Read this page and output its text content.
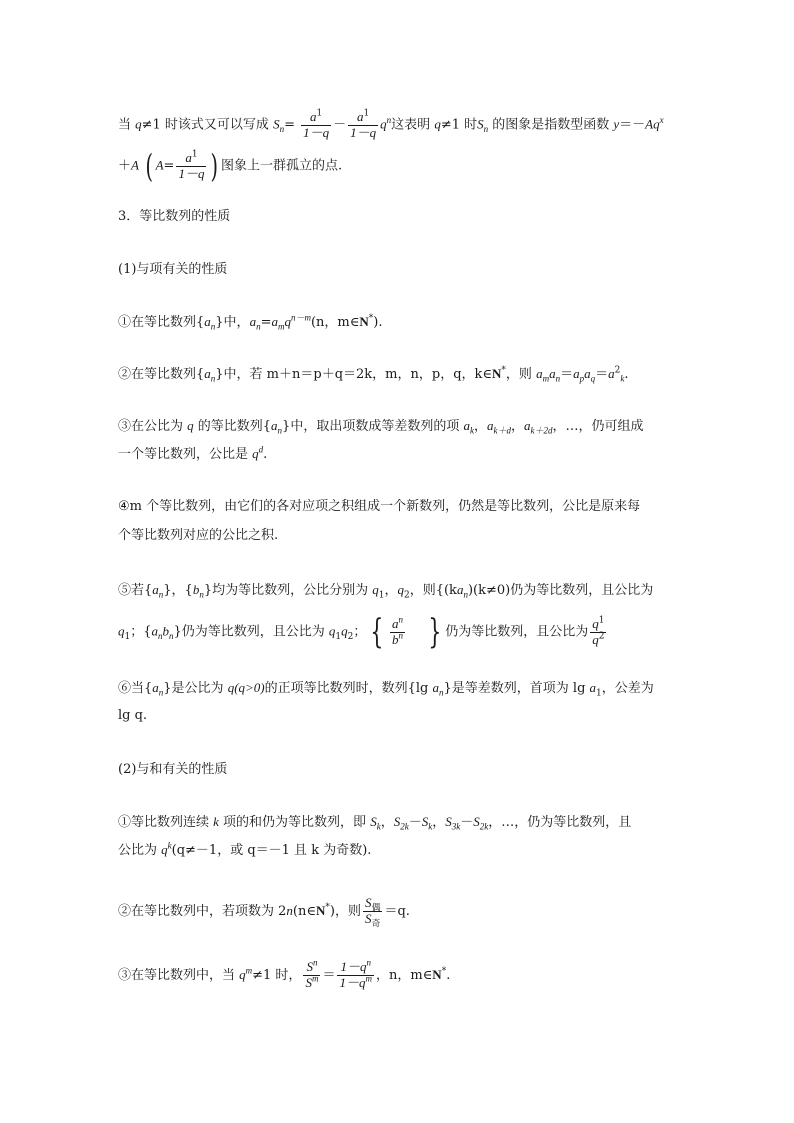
当 q≠1 时该式又可以写成 $S_n= \frac{a^1}{1-q} - \frac{a^1}{1-q} q^n$这表明 q≠1 时$S_n$ 的图象是指数型函数 $y=-Aq^x$
＋A ( $A= \frac{a^1}{1-q}$ ) 图象上一群孤立的点.
3．等比数列的性质
(1)与项有关的性质
①在等比数列$\{a_n\}$中，$a_n=a_mq^{n-m}(n$，m∈N*).
②在等比数列$\{a_n\}$中，若 m＋n＝p＋q＝2k，m，n，p，q，k∈N*，则 $a_ma_n=a_pa_q=a^2_k$.
③在公比为 q 的等比数列$\{a_n\}$中，取出项数成等差数列的项 $a_k$，$a_{k+d}$，$a_{k+2d}$，…，仍可组成
一个等比数列，公比是 $q^d$.
④m 个等比数列，由它们的各对应项之积组成一个新数列，仍然是等比数列，公比是原来每
个等比数列对应的公比之积.
⑤若$\{a_n\}$，$\{b_n\}$均为等比数列，公比分别为 $q_1$，$q_2$，则{$(ka_n)(k\ne 0)$仍为等比数列，且公比为
$q_1$；$\{a_nb_n\}$仍为等比数列，且公比为 $q_1q_2$； { $\frac{a^n}{b^n}$ } 仍为等比数列，且公比为 $\frac{q^1}{q^2}$
⑥当$\{a_n\}$是公比为 q(q>0)的正项等比数列时，数列{lg $a_n$}是等差数列，首项为 $\lg a_1$，公差为
lg q.
(2)与和有关的性质
①等比数列连续 k 项的和仍为等比数列，即 $S_k$，$S_{2k}-S_k$，$S_{3k}-S_{2k}$，…，仍为等比数列，且
公比为 $q^k(q\ne-1$，或 q＝－1 且 k 为奇数).
②在等比数列中，若项数为 2n(n∈N*)，则 $\frac{S_偶}{S_奇} =q$.
③在等比数列中，当 $q^m\ne 1$ 时， $\frac{S^n}{S^m} = \frac{1-q^n}{1-q^m}$ ，n，m∈N*.
